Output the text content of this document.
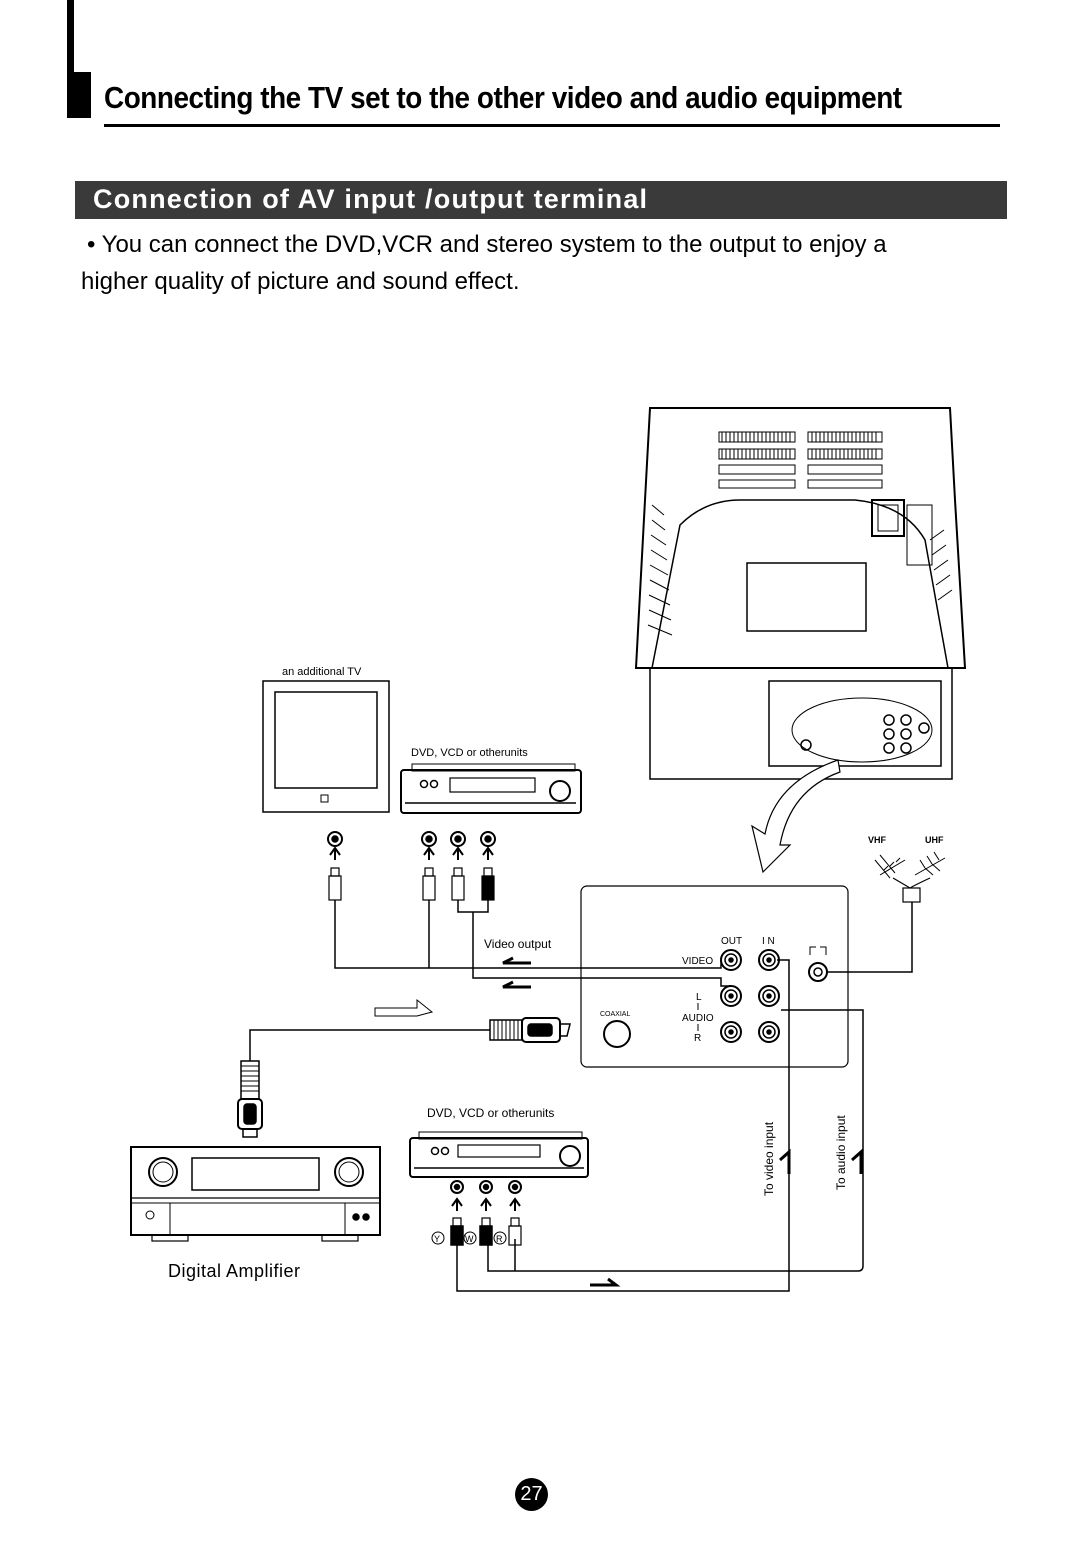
Connecting the TV set to the other video and audio equipment
Connection of AV input /output terminal
• You can connect the DVD,VCR and stereo system to the output to enjoy a
higher quality of picture and sound effect.
an additional TV
DVD, VCD or otherunits
OUT I N
VIDEO
L
AUDIO
R
COAXIAL
VHF	UHF
Video output
Digital Amplifier
DVD, VCD or otherunits
Y	W	R
To video input	To audio input
27
